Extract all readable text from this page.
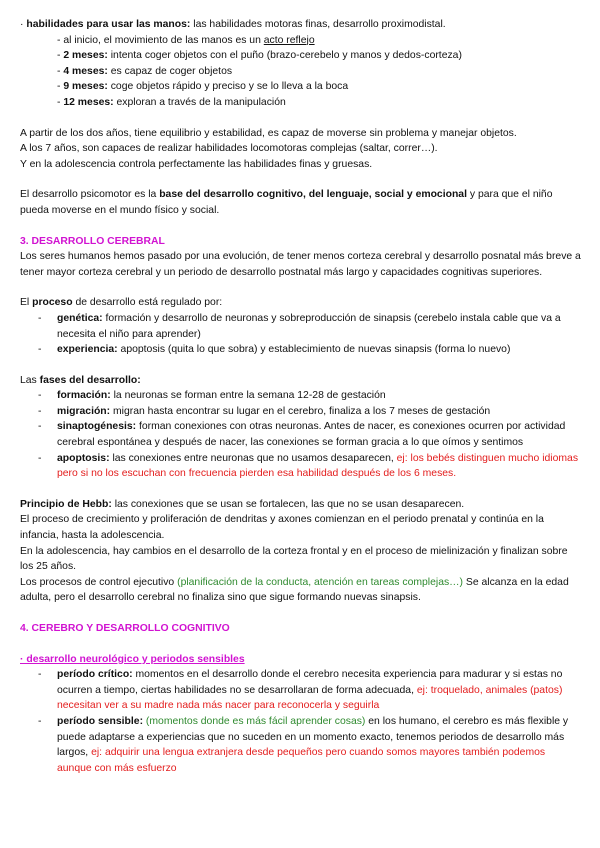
· habilidades para usar las manos: las habilidades motoras finas, desarrollo proximodistal.

- al inicio, el movimiento de las manos es un acto reflejo

- 2 meses: intenta coger objetos con el puño (brazo-cerebelo y manos y dedos-corteza)

- 4 meses: es capaz de coger objetos

- 9 meses: coge objetos rápido y preciso y se lo lleva a la boca

- 12 meses: exploran a través de la manipulación

A partir de los dos años, tiene equilibrio y estabilidad, es capaz de moverse sin problema y manejar objetos.

A los 7 años, son capaces de realizar habilidades locomotoras complejas (saltar, correr…).

Y en la adolescencia controla perfectamente las habilidades finas y gruesas.

El desarrollo psicomotor es la base del desarrollo cognitivo, del lenguaje, social y emocional y para que el niño pueda moverse en el mundo físico y social.

3. DESARROLLO CEREBRAL

Los seres humanos hemos pasado por una evolución, de tener menos corteza cerebral y desarrollo posnatal más breve a tener mayor corteza cerebral y un periodo de desarrollo postnatal más largo y capacidades cognitivas superiores.

El proceso de desarrollo está regulado por:

- genética: formación y desarrollo de neuronas y sobreproducción de sinapsis (cerebelo instala cable que va a necesita el niño para aprender)

- experiencia: apoptosis (quita lo que sobra) y establecimiento de nuevas sinapsis (forma lo nuevo)

Las fases del desarrollo:

- formación: la neuronas se forman entre la semana 12-28 de gestación

- migración: migran hasta encontrar su lugar en el cerebro, finaliza a los 7 meses de gestación

- sinaptogénesis: forman conexiones con otras neuronas. Antes de nacer, es conexiones ocurren por actividad cerebral espontánea y después de nacer, las conexiones se forman gracia a lo que oímos y sentimos

- apoptosis: las conexiones entre neuronas que no usamos desaparecen, ej: los bebés distinguen mucho idiomas pero si no los escuchan con frecuencia pierden esa habilidad después de los 6 meses.

Principio de Hebb: las conexiones que se usan se fortalecen, las que no se usan desaparecen.

El proceso de crecimiento y proliferación de dendritas y axones comienzan en el periodo prenatal y continúa en la infancia, hasta la adolescencia.

En la adolescencia, hay cambios en el desarrollo de la corteza frontal y en el proceso de mielinización y finalizan sobre los 25 años.

Los procesos de control ejecutivo (planificación de la conducta, atención en tareas complejas…) Se alcanza en la edad adulta, pero el desarrollo cerebral no finaliza sino que sigue formando nuevas sinapsis.

4. CEREBRO Y DESARROLLO COGNITIVO

· desarrollo neurológico y periodos sensibles

- período crítico: momentos en el desarrollo donde el cerebro necesita experiencia para madurar y si estas no ocurren a tiempo, ciertas habilidades no se desarrollaran de forma adecuada, ej: troquelado, animales (patos) necesitan ver a su madre nada más nacer para reconocerla y seguirla

- período sensible: (momentos donde es más fácil aprender cosas) en los humano, el cerebro es más flexible y puede adaptarse a experiencias que no suceden en un momento exacto, tenemos periodos de desarrollo más largos, ej: adquirir una lengua extranjera desde pequeños pero cuando somos mayores también podemos aunque con más esfuerzo
